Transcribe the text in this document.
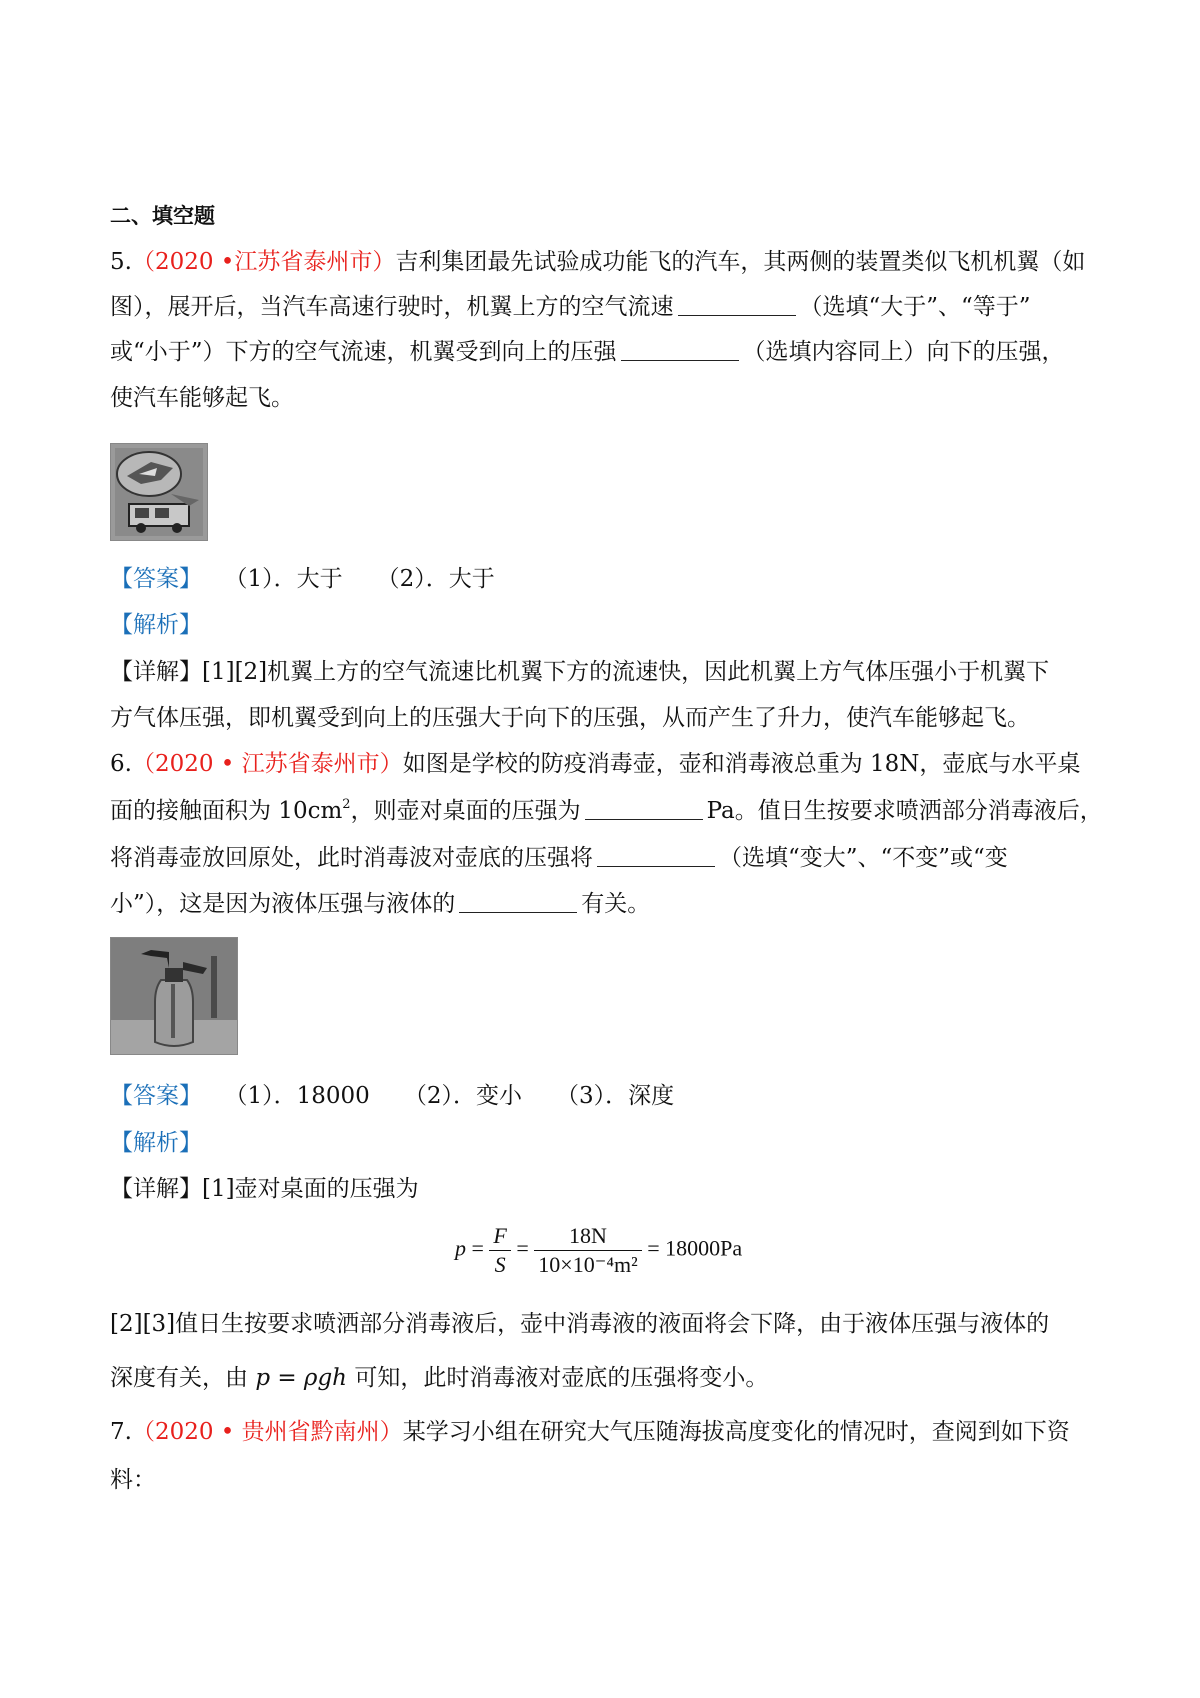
二、填空题
5.（2020 •江苏省泰州市）吉利集团最先试验成功能飞的汽车，其两侧的装置类似飞机机翼（如
图），展开后，当汽车高速行驶时，机翼上方的空气流速	（选填“大于”、“等于”
或“小于”）下方的空气流速，机翼受到向上的压强	（选填内容同上）向下的压强，
使汽车能够起飞。
【答案】 （1）．大于 （2）．大于
【解析】
【详解】[1][2]机翼上方的空气流速比机翼下方的流速快，因此机翼上方气体压强小于机翼下
方气体压强，即机翼受到向上的压强大于向下的压强，从而产生了升力，使汽车能够起飞。
6.（2020 • 江苏省泰州市）如图是学校的防疫消毒壶，壶和消毒液总重为 18N，壶底与水平桌
面的接触面积为 $10cm^2$，则壶对桌面的压强为	Pa。值日生按要求喷洒部分消毒液后，
将消毒壶放回原处，此时消毒波对壶底的压强将	（选填“变大”、“不变”或“变
小”），这是因为液体压强与液体的	有关。
【答案】 （1）．18000 （2）．变小 （3）．深度
【解析】
【详解】[1]壶对桌面的压强为
$p = \frac{F}{S} = \frac{18N}{\text{10×10⁻⁴m²}} = 18000Pa$
[2][3]值日生按要求喷洒部分消毒液后，壶中消毒液的液面将会下降，由于液体压强与液体的
深度有关，由 p = ρgh 可知，此时消毒液对壶底的压强将变小。
7.（2020 • 贵州省黔南州）某学习小组在研究大气压随海拔高度变化的情况时，查阅到如下资
料：
